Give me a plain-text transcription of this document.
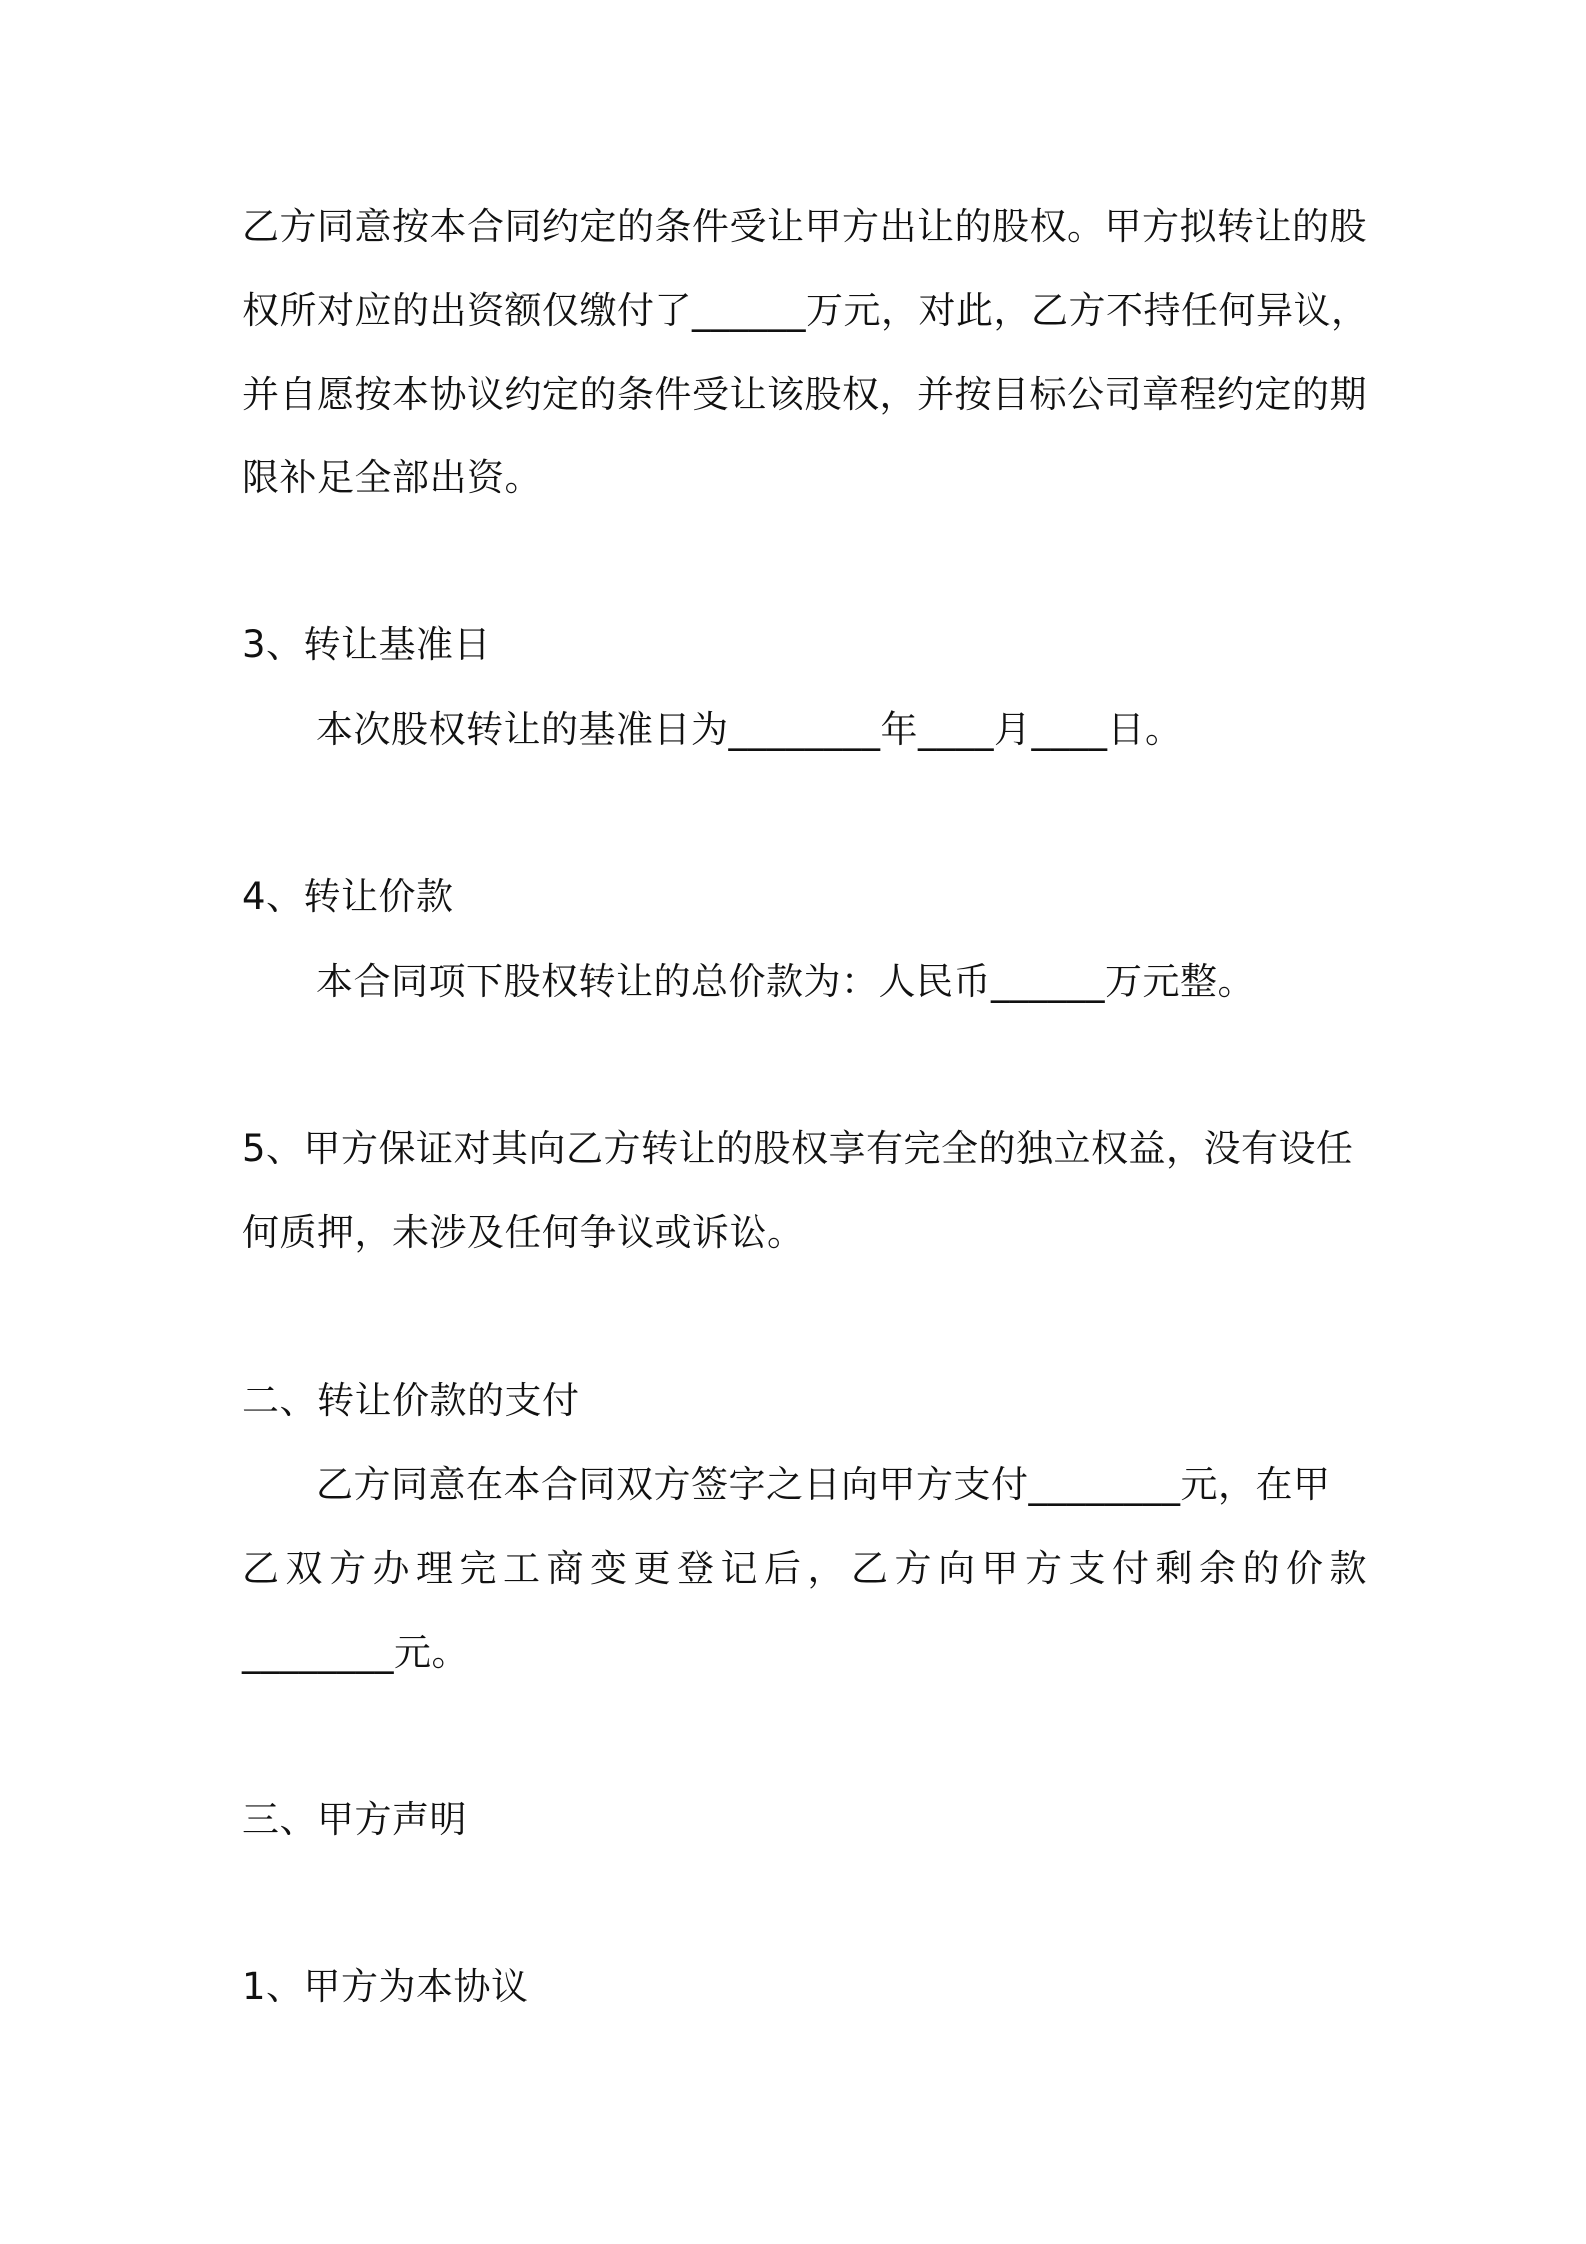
乙方同意按本合同约定的条件受让甲方出让的股权。甲方拟转让的股
权所对应的出资额仅缴付了______万元，对此，乙方不持任何异议，
并自愿按本协议约定的条件受让该股权，并按目标公司章程约定的期
限补足全部出资。
3、转让基准日
本次股权转让的基准日为________年____月____日。
4、转让价款
本合同项下股权转让的总价款为：人民币______万元整。
5、甲方保证对其向乙方转让的股权享有完全的独立权益，没有设任
何质押，未涉及任何争议或诉讼。
二、转让价款的支付
乙方同意在本合同双方签字之日向甲方支付________元，在甲
乙双方办理完工商变更登记后，乙方向甲方支付剩余的价款
________元。
三、甲方声明
1、甲方为本协议
